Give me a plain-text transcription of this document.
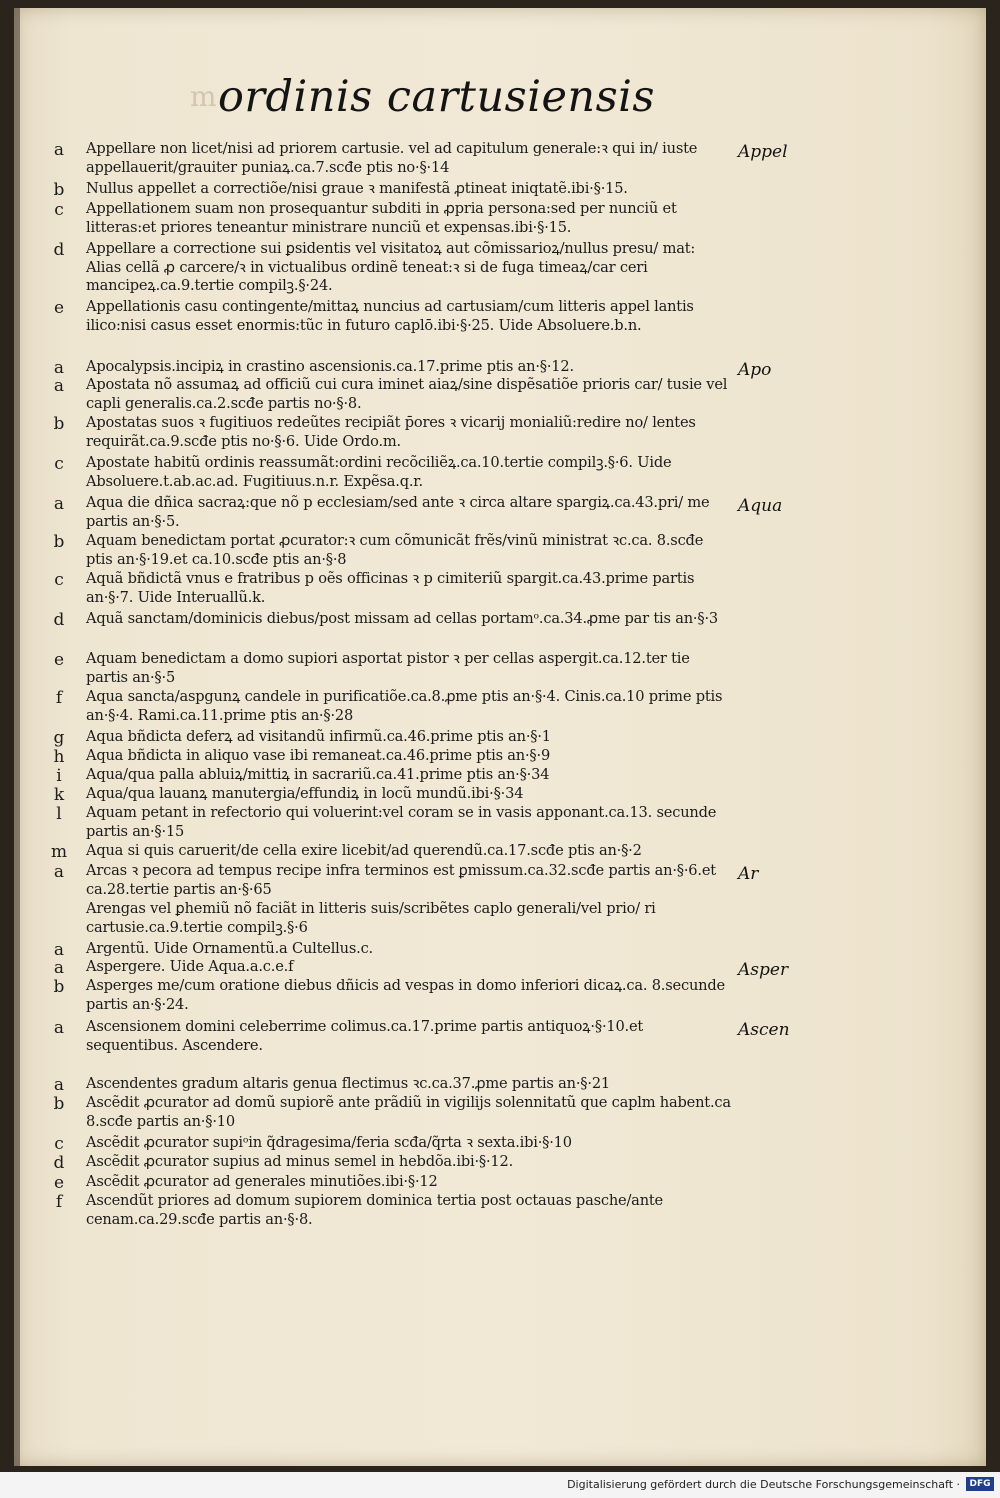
m ordinis cartusiensis
a	Appellare non licet/nisi ad priorem cartusie. vel ad capitulum generale:ꝛ qui in/ iuste appellauerit/grauiter puniaꝝ.ca.7.scđe ptis no·§·14
Appel
b	Nullus appellet a correctiõe/nisi graue ꝛ manifestã ꝓtineat iniqtatẽ.ibi·§·15.
c	Appellationem suam non prosequantur subditi in ꝓpria persona:sed per nunciũ et litteras:et priores teneantur ministrare nunciũ et expensas.ibi·§·15.
d	Appellare a correctione sui ꝑsidentis vel visitatoꝝ aut cõmissarioꝝ/nullus presu/ mat: Alias cellã ꝓ carcere/ꝛ in victualibus ordinẽ teneat:ꝛ si de fuga timeaꝝ/car ceri mancipeꝝ.ca.9.tertie compilꝫ.§·24.
e	Appellationis casu contingente/mittaꝝ nuncius ad cartusiam/cum litteris appel lantis ilico:nisi casus esset enormis:tũc in futuro caplō.ibi·§·25. Uide Absoluere.b.n.
a	Apocalypsis.incipiꝝ in crastino ascensionis.ca.17.prime ptis an·§·12.	Apo
a	Apostata nõ assumaꝝ ad officiũ cui cura iminet aiaꝝ/sine dispẽsatiõe prioris car/ tusie vel capli generalis.ca.2.scđe partis no·§·8.
b	Apostatas suos ꝛ fugitiuos redeũtes recipiãt p̄ores ꝛ vicarij monialiũ:redire no/ lentes requirãt.ca.9.scđe ptis no·§·6. Uide Ordo.m.
c	Apostate habitũ ordinis reassumãt:ordini recõciliẽꝝ.ca.10.tertie compilꝫ.§·6. Uide Absoluere.t.ab.ac.ad. Fugitiuus.n.r. Expẽsa.q.r.
a	Aqua die dñica sacraꝝ:que nõ p ecclesiam/sed ante ꝛ circa altare spargiꝝ.ca.43.pri/ me partis an·§·5.
Aqua
b	Aquam benedictam portat ꝓcurator:ꝛ cum cõmunicãt frẽs/vinũ ministrat ꝛc.ca. 8.scđe ptis an·§·19.et ca.10.scđe ptis an·§·8
c	Aquã bñdictã vnus e fratribus p oẽs officinas ꝛ p cimiteriũ spargit.ca.43.prime partis an·§·7. Uide Interuallũ.k.
d	Aquã sanctam/dominicis diebus/post missam ad cellas portamᵒ.ca.34.ꝓme par tis an·§·3
e	Aquam benedictam a domo supiori asportat pistor ꝛ per cellas aspergit.ca.12.ter tie partis an·§·5
f	Aqua sancta/aspgunꝝ candele in purificatiõe.ca.8.ꝓme ptis an·§·4. Cinis.ca.10 prime ptis an·§·4. Rami.ca.11.prime ptis an·§·28
g	Aqua bñdicta deferꝝ ad visitandũ infirmũ.ca.46.prime ptis an·§·1
h	Aqua bñdicta in aliquo vase ibi remaneat.ca.46.prime ptis an·§·9
i	Aqua/qua palla abluiꝝ/mittiꝝ in sacrariũ.ca.41.prime ptis an·§·34
k	Aqua/qua lauanꝝ manutergia/effundiꝝ in locũ mundũ.ibi·§·34
l	Aquam petant in refectorio qui voluerint:vel coram se in vasis apponant.ca.13. secunde partis an·§·15
m Aqua si quis caruerit/de cella exire licebit/ad querendũ.ca.17.scđe ptis an·§·2
a	Arcas ꝛ pecora ad tempus recipe infra terminos est ꝑmissum.ca.32.scđe partis an·§·6.et ca.28.tertie partis an·§·65
Ar
Arengas vel ꝑhemiũ nõ faciãt in litteris suis/scribẽtes caplo generali/vel prio/ ri cartusie.ca.9.tertie compilꝫ.§·6
a	Argentũ. Uide Ornamentũ.a Cultellus.c.
a	Aspergere. Uide Aqua.a.c.e.f	Asper
b	Asperges me/cum oratione diebus dñicis ad vespas in domo inferiori dicaꝝ.ca. 8.secunde partis an·§·24.
a	Ascensionem domini celeberrime colimus.ca.17.prime partis antiquoꝝ·§·10.et sequentibus. Ascendere.
Ascen
a	Ascendentes gradum altaris genua flectimus ꝛc.ca.37.ꝓme partis an·§·21
b	Ascẽdit ꝓcurator ad domũ supiorẽ ante prãdiũ in vigilijs solennitatũ que caplm habent.ca 8.scđe partis an·§·10
c	Ascẽdit ꝓcurator supiᵒin q̃dragesima/feria scđa/q̃rta ꝛ sexta.ibi·§·10
d	Ascẽdit ꝓcurator supius ad minus semel in hebdõa.ibi·§·12.
e	Ascẽdit ꝓcurator ad generales minutiões.ibi·§·12
f	Ascendũt priores ad domum supiorem dominica tertia post octauas pasche/ante cenam.ca.29.scđe partis an·§·8.
Digitalisierung gefördert durch die Deutsche Forschungsgemeinschaft ·	DFG
